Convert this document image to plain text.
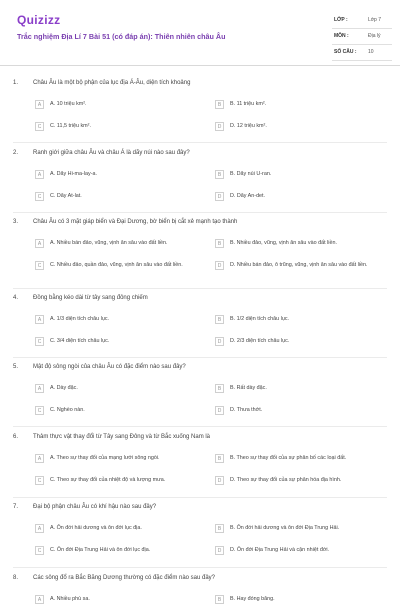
Quizizz
Trắc nghiệm Địa Lí 7 Bài 51 (có đáp án): Thiên nhiên châu Âu
LỚP :	Lớp 7
MÔN :	Địa lý
SỐ CÂU : 10
1. Châu Âu là một bộ phận của lục địa Á-Âu, diện tích khoảng
A	A. 10 triệu km².	B	B. 11 triệu km².
C	C. 11,5 triệu km².	D	D. 12 triệu km².
2. Ranh giới giữa châu Âu và châu Á là dãy núi nào sau đây?
A	A. Dãy Hi-ma-lay-a.	B	B. Dãy núi U-ran.
C	C. Dãy At-lat.	D	D. Dãy An-det.
3. Châu Âu có 3 mặt giáp biển và Đại Dương, bờ biển bị cắt xẻ mạnh tạo thành
A	A. Nhiều bán đảo, vũng, vịnh ăn sâu vào đất liền.	B	B. Nhiều đảo, vũng, vịnh ăn sâu vào đất liền.
C	C. Nhiều đảo, quần đảo, vũng, vịnh ăn sâu vào đất liền.	D	D. Nhiều bán đảo, ô trũng, vũng, vịnh ăn sâu vào đất liền.
4. Đồng bằng kéo dài từ tây sang đông chiếm
A	A. 1/3 diện tích châu lục.	B	B. 1/2 diện tích châu lục.
C	C. 3/4 diện tích châu lục.	D	D. 2/3 diện tích châu lục.
5. Mật độ sông ngòi của châu Âu có đặc điểm nào sau đây?
A	A. Dày đặc.	B	B. Rất dày đặc.
C	C. Nghèo nàn.	D	D. Thưa thớt.
6. Thảm thực vật thay đổi từ Tây sang Đông và từ Bắc xuống Nam là
A	A. Theo sự thay đổi của mạng lưới sông ngòi.	B	B. Theo sự thay đổi của sự phân bố các loại đất.
C	C. Theo sự thay đổi của nhiệt độ và lượng mưa.	D	D. Theo sự thay đổi của sự phân hóa địa hình.
7. Đại bộ phận châu Âu có khí hậu nào sau đây?
A	A. Ôn đới hải dương và ôn đới lục địa.	B	B. Ôn đới hải dương và ôn đới Địa Trung Hải.
C	C. Ôn đới Địa Trung Hải và ôn đới lục địa.	D	D. Ôn đới Địa Trung Hải và cận nhiệt đới.
8. Các sông đổ ra Bắc Băng Dương thường có đặc điểm nào sau đây?
A	A. Nhiều phù sa.	B	B. Hay đóng băng.
